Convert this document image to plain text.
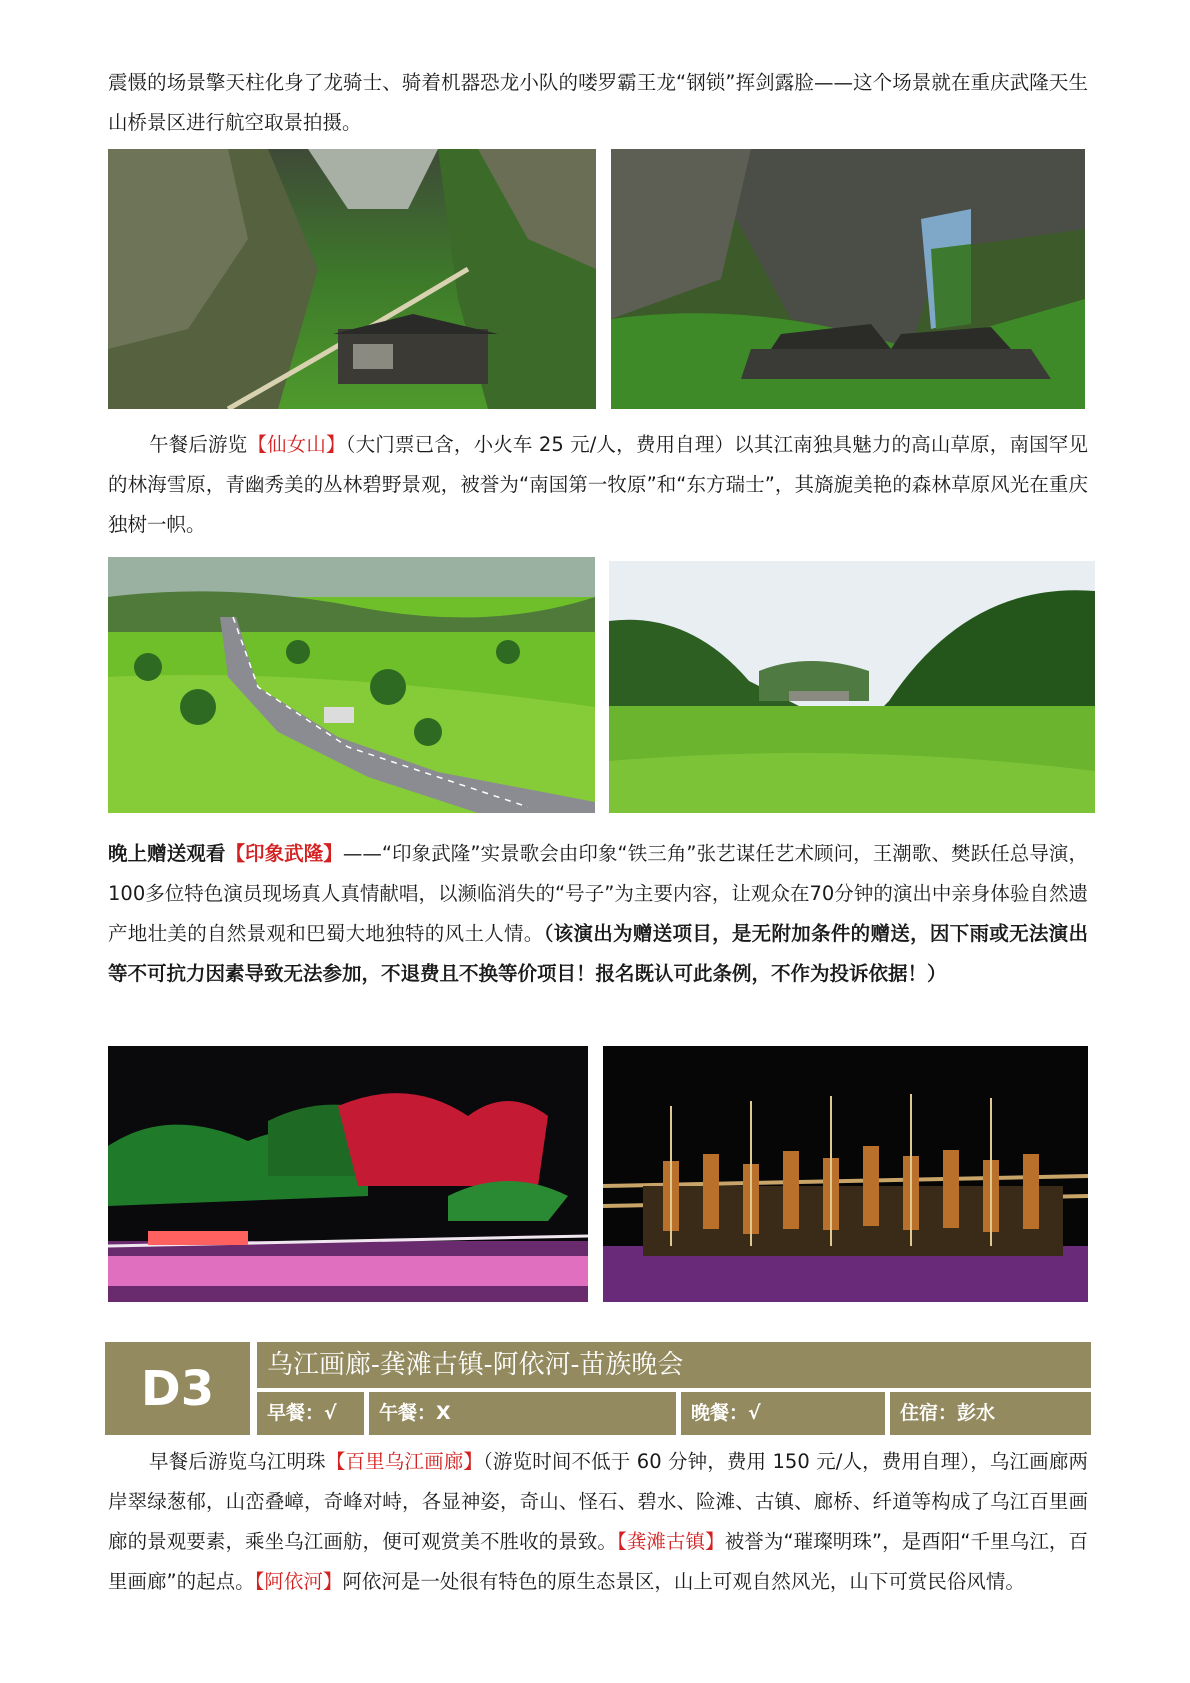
震慑的场景擎天柱化身了龙骑士、骑着机器恐龙小队的喽罗霸王龙“钢锁”挥剑露脸——这个场景就在重庆武隆天生山桥景区进行航空取景拍摄。

午餐后游览【仙女山】（大门票已含，小火车 25 元/人，费用自理）以其江南独具魅力的高山草原，南国罕见的林海雪原，青幽秀美的丛林碧野景观，被誉为“南国第一牧原”和“东方瑞士”，其旖旎美艳的森林草原风光在重庆独树一帜。

晚上赠送观看【印象武隆】——“印象武隆”实景歌会由印象“铁三角”张艺谋任艺术顾问，王潮歌、樊跃任总导演，100多位特色演员现场真人真情献唱，以濒临消失的“号子”为主要内容，让观众在70分钟的演出中亲身体验自然遗产地壮美的自然景观和巴蜀大地独特的风土人情。（该演出为赠送项目，是无附加条件的赠送，因下雨或无法演出等不可抗力因素导致无法参加，不退费且不换等价项目！报名既认可此条例，不作为投诉依据！）

D3	乌江画廊-龚滩古镇-阿依河-苗族晚会
早餐：√	午餐：X	晚餐：√	住宿：彭水

早餐后游览乌江明珠【百里乌江画廊】（游览时间不低于 60 分钟，费用 150 元/人，费用自理），乌江画廊两岸翠绿葱郁，山峦叠嶂，奇峰对峙，各显神姿，奇山、怪石、碧水、险滩、古镇、廊桥、纤道等构成了乌江百里画廊的景观要素，乘坐乌江画舫，便可观赏美不胜收的景致。【龚滩古镇】被誉为“璀璨明珠”，是酉阳“千里乌江，百里画廊”的起点。【阿依河】阿依河是一处很有特色的原生态景区，山上可观自然风光，山下可赏民俗风情。
